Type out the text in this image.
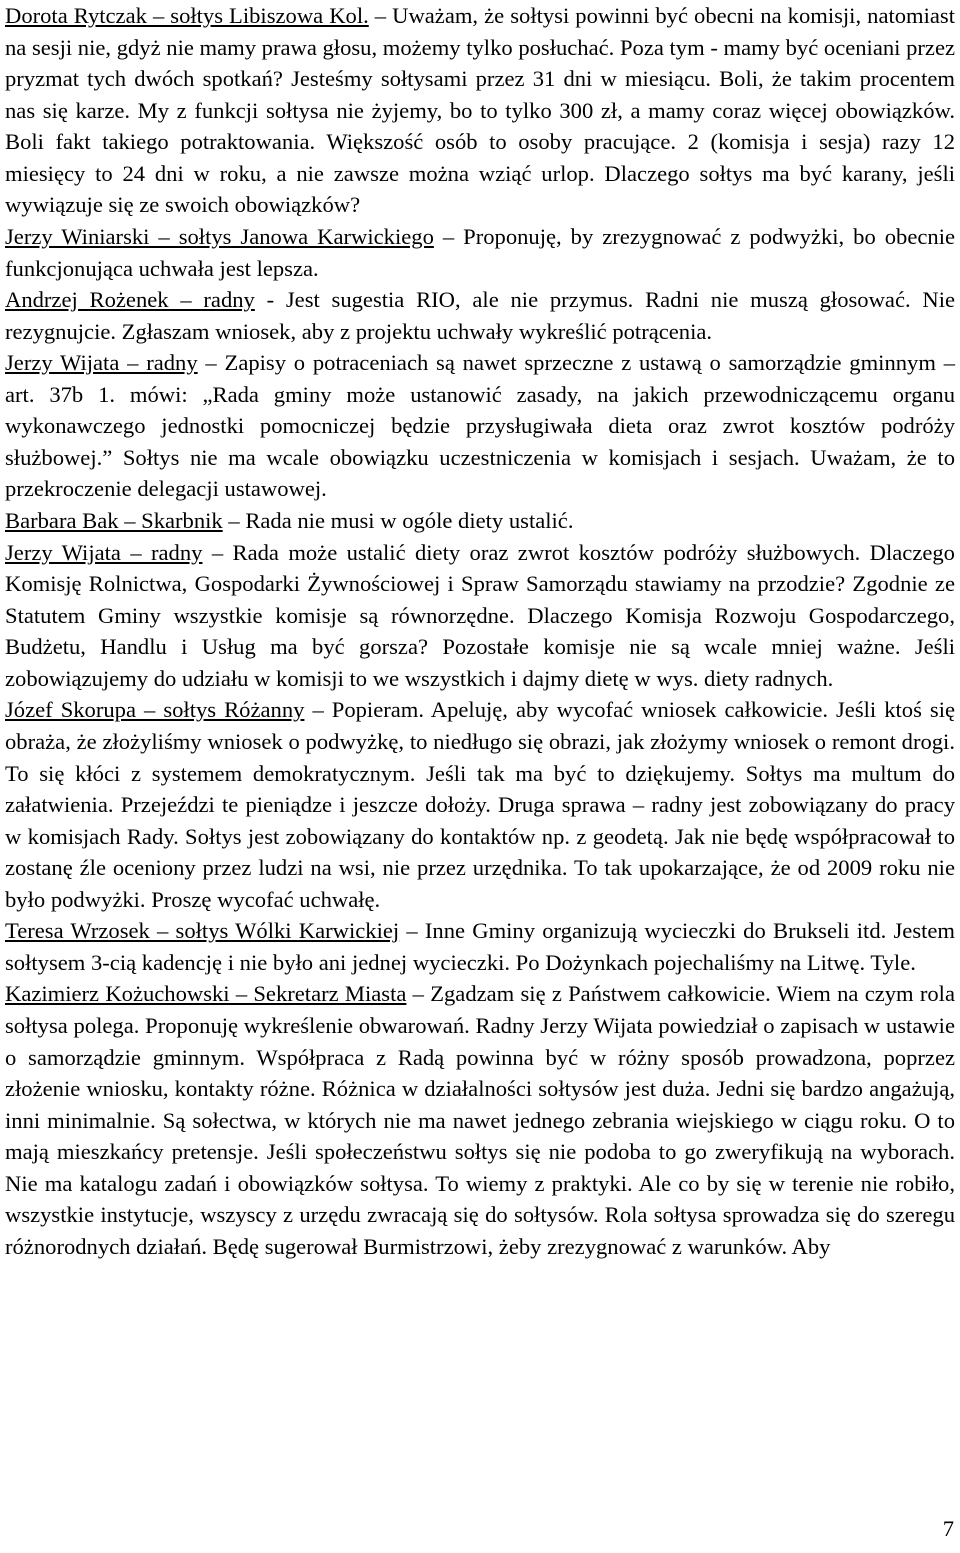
Dorota Rytczak – sołtys Libiszowa Kol. – Uważam, że sołtysi powinni być obecni na komisji, natomiast na sesji nie, gdyż nie mamy prawa głosu, możemy tylko posłuchać. Poza tym - mamy być oceniani przez pryzmat tych dwóch spotkań? Jesteśmy sołtysami przez 31 dni w miesiącu. Boli, że takim procentem nas się karze. My z funkcji sołtysa nie żyjemy, bo to tylko 300 zł, a mamy coraz więcej obowiązków. Boli fakt takiego potraktowania. Większość osób to osoby pracujące. 2 (komisja i sesja) razy 12 miesięcy to 24 dni w roku, a nie zawsze można wziąć urlop. Dlaczego sołtys ma być karany, jeśli wywiązuje się ze swoich obowiązków?

Jerzy Winiarski – sołtys Janowa Karwickiego – Proponuję, by zrezygnować z podwyżki, bo obecnie funkcjonująca uchwała jest lepsza.

Andrzej Rożenek – radny - Jest sugestia RIO, ale nie przymus. Radni nie muszą głosować. Nie rezygnujcie. Zgłaszam wniosek, aby z projektu uchwały wykreślić potrącenia.

Jerzy Wijata – radny – Zapisy o potraceniach są nawet sprzeczne z ustawą o samorządzie gminnym – art. 37b 1. mówi: „Rada gminy może ustanowić zasady, na jakich przewodniczącemu organu wykonawczego jednostki pomocniczej będzie przysługiwała dieta oraz zwrot kosztów podróży służbowej.” Sołtys nie ma wcale obowiązku uczestniczenia w komisjach i sesjach. Uważam, że to przekroczenie delegacji ustawowej.

Barbara Bak – Skarbnik – Rada nie musi w ogóle diety ustalić.

Jerzy Wijata – radny – Rada może ustalić diety oraz zwrot kosztów podróży służbowych. Dlaczego Komisję Rolnictwa, Gospodarki Żywnościowej i Spraw Samorządu stawiamy na przodzie? Zgodnie ze Statutem Gminy wszystkie komisje są równorzędne. Dlaczego Komisja Rozwoju Gospodarczego, Budżetu, Handlu i Usług ma być gorsza? Pozostałe komisje nie są wcale mniej ważne. Jeśli zobowiązujemy do udziału w komisji to we wszystkich i dajmy dietę w wys. diety radnych.

Józef Skorupa – sołtys Różanny – Popieram. Apeluję, aby wycofać wniosek całkowicie. Jeśli ktoś się obraża, że złożyliśmy wniosek o podwyżkę, to niedługo się obrazi, jak złożymy wniosek o remont drogi. To się kłóci z systemem demokratycznym. Jeśli tak ma być to dziękujemy. Sołtys ma multum do załatwienia. Przejeździ te pieniądze i jeszcze dołoży. Druga sprawa – radny jest zobowiązany do pracy w komisjach Rady. Sołtys jest zobowiązany do kontaktów np. z geodetą. Jak nie będę współpracował to zostanę źle oceniony przez ludzi na wsi, nie przez urzędnika. To tak upokarzające, że od 2009 roku nie było podwyżki. Proszę wycofać uchwałę.

Teresa Wrzosek – sołtys Wólki Karwickiej – Inne Gminy organizują wycieczki do Brukseli itd. Jestem sołtysem 3-cią kadencję i nie było ani jednej wycieczki. Po Dożynkach pojechaliśmy na Litwę. Tyle.

Kazimierz Kożuchowski – Sekretarz Miasta – Zgadzam się z Państwem całkowicie. Wiem na czym rola sołtysa polega. Proponuję wykreślenie obwarowań. Radny Jerzy Wijata powiedział o zapisach w ustawie o samorządzie gminnym. Współpraca z Radą powinna być w różny sposób prowadzona, poprzez złożenie wniosku, kontakty różne. Różnica w działalności sołtysów jest duża. Jedni się bardzo angażują, inni minimalnie. Są sołectwa, w których nie ma nawet jednego zebrania wiejskiego w ciągu roku. O to mają mieszkańcy pretensje. Jeśli społeczeństwu sołtys się nie podoba to go zweryfikują na wyborach. Nie ma katalogu zadań i obowiązków sołtysa. To wiemy z praktyki. Ale co by się w terenie nie robiło, wszystkie instytucje, wszyscy z urzędu zwracają się do sołtysów. Rola sołtysa sprowadza się do szeregu różnorodnych działań. Będę sugerował Burmistrzowi, żeby zrezygnować z warunków. Aby

7
